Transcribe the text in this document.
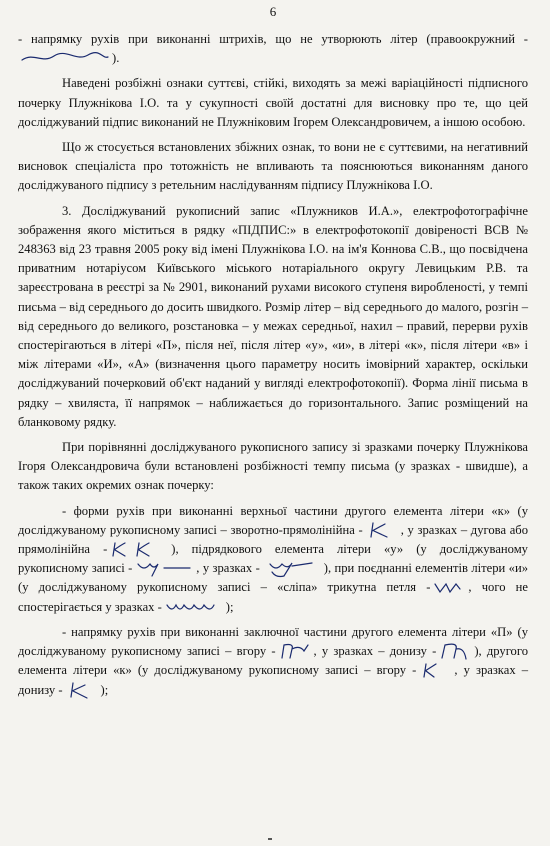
6

- напрямку рухів при виконанні штрихів, що не утворюють літер (правоокружний -
).

Наведені розбіжні ознаки суттєві, стійкі, виходять за межі варіаційності підписного почерку Плужнікова І.О. та у сукупності своїй достатні для висновку про те, що цей досліджуваний підпис виконаний не Плужніковим Ігорем Олександровичем, а іншою особою.

Що ж стосується встановлених збіжних ознак, то вони не є суттєвими, на негативний висновок спеціаліста про тотожність не впливають та пояснюються виконанням даного досліджуваного підпису з ретельним наслідуванням підпису Плужнікова І.О.

3. Досліджуваний рукописний запис «Плужников И.А.», електрофотографічне зображення якого міститься в рядку «ПІДПИС:» в електрофотокопії довіреності ВСВ № 248363 від 23 травня 2005 року від імені Плужнікова І.О. на ім'я Коннова С.В., що посвідчена приватним нотаріусом Київського міського нотаріального округу Левицьким Р.В. та зареєстрована в реєстрі за № 2901, виконаний рухами високого ступеня виробленості, у темпі письма – від середнього до досить швидкого. Розмір літер – від середнього до малого, розгін – від середнього до великого, розстановка – у межах середньої, нахил – правий, перерви рухів спостерігаються в літері «П», після неї, після літер «у», «и», в літері «к», після літери «в» і між літерами «И», «А» (визначення цього параметру носить імовірний характер, оскільки досліджуваний почерковий об'єкт наданий у вигляді електрофотокопії). Форма лінії письма в рядку – хвиляста, її напрямок – наближається до горизонтального. Запис розміщений на бланковому рядку.

При порівнянні досліджуваного рукописного запису зі зразками почерку Плужнікова Ігоря Олександровича були встановлені розбіжності темпу письма (у зразках - швидше), а також таких окремих ознак почерку:

- форми рухів при виконанні верхньої частини другого елемента літери «к» (у досліджуваному рукописному записі – зворотно-прямолінійна -	, у зразках – дугова або прямолінійна -	), підрядкового елемента літери «у» (у досліджуваному рукописному записі -	, у зразках -	), при поєднанні елементів літери «и» (у досліджуваному рукописному записі – «сліпа» трикутна петля -	, чого не спостерігається у зразках -	);

- напрямку рухів при виконанні заключної частини другого елемента літери «П» (у досліджуваному рукописному записі – вгору -	, у зразках – донизу -	), другого елемента літери «к» (у досліджуваному рукописному записі – вгору -	, у зразках – донизу -	);
